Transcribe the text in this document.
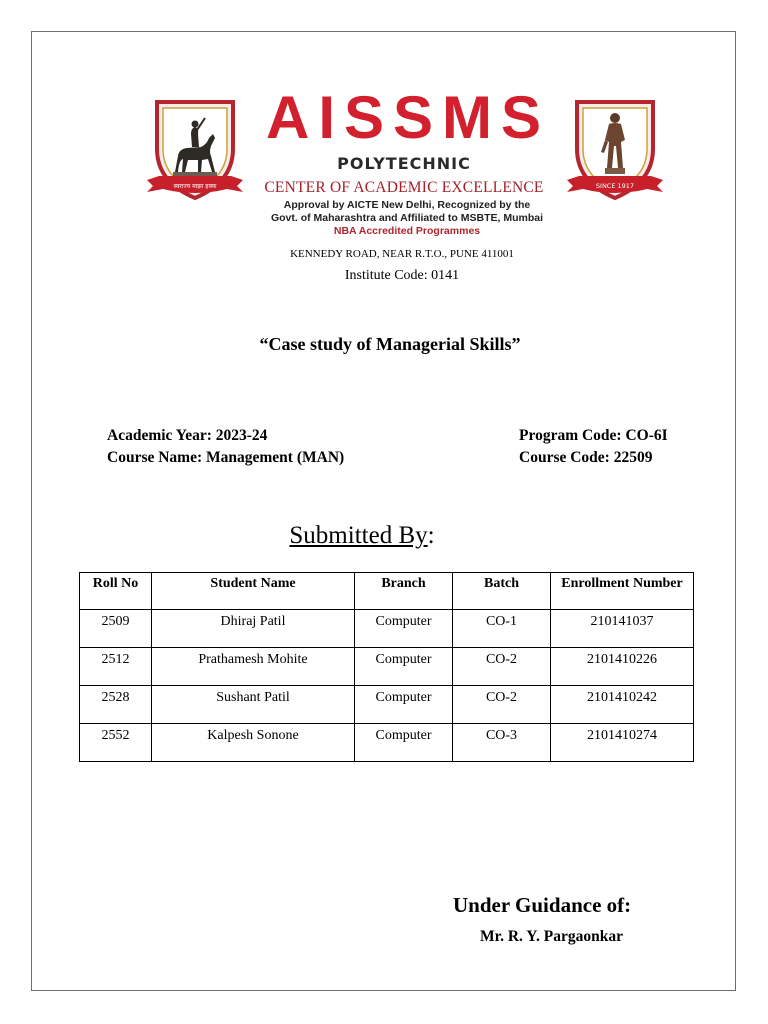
स्वराज्य माझा हक्क
AISSMS
POLYTECHNIC
CENTER OF ACADEMIC EXCELLENCE	SINCE 1917
Approval by AICTE New Delhi, Recognized by the
Govt. of Maharashtra and Affiliated to MSBTE, Mumbai
NBA Accredited Programmes
KENNEDY ROAD, NEAR R.T.O., PUNE 411001
Institute Code: 0141
“Case study of Managerial Skills”
Academic Year: 2023-24
Course Name: Management (MAN)
Program Code: CO-6I
Course Code: 22509
Submitted By:
Roll No	Student Name	Branch	Batch	Enrollment Number
2509	Dhiraj Patil	Computer	CO-1	210141037
2512	Prathamesh Mohite	Computer	CO-2	2101410226
2528	Sushant Patil	Computer	CO-2	2101410242
2552	Kalpesh Sonone	Computer	CO-3	2101410274
Under Guidance of:
Mr. R. Y. Pargaonkar
